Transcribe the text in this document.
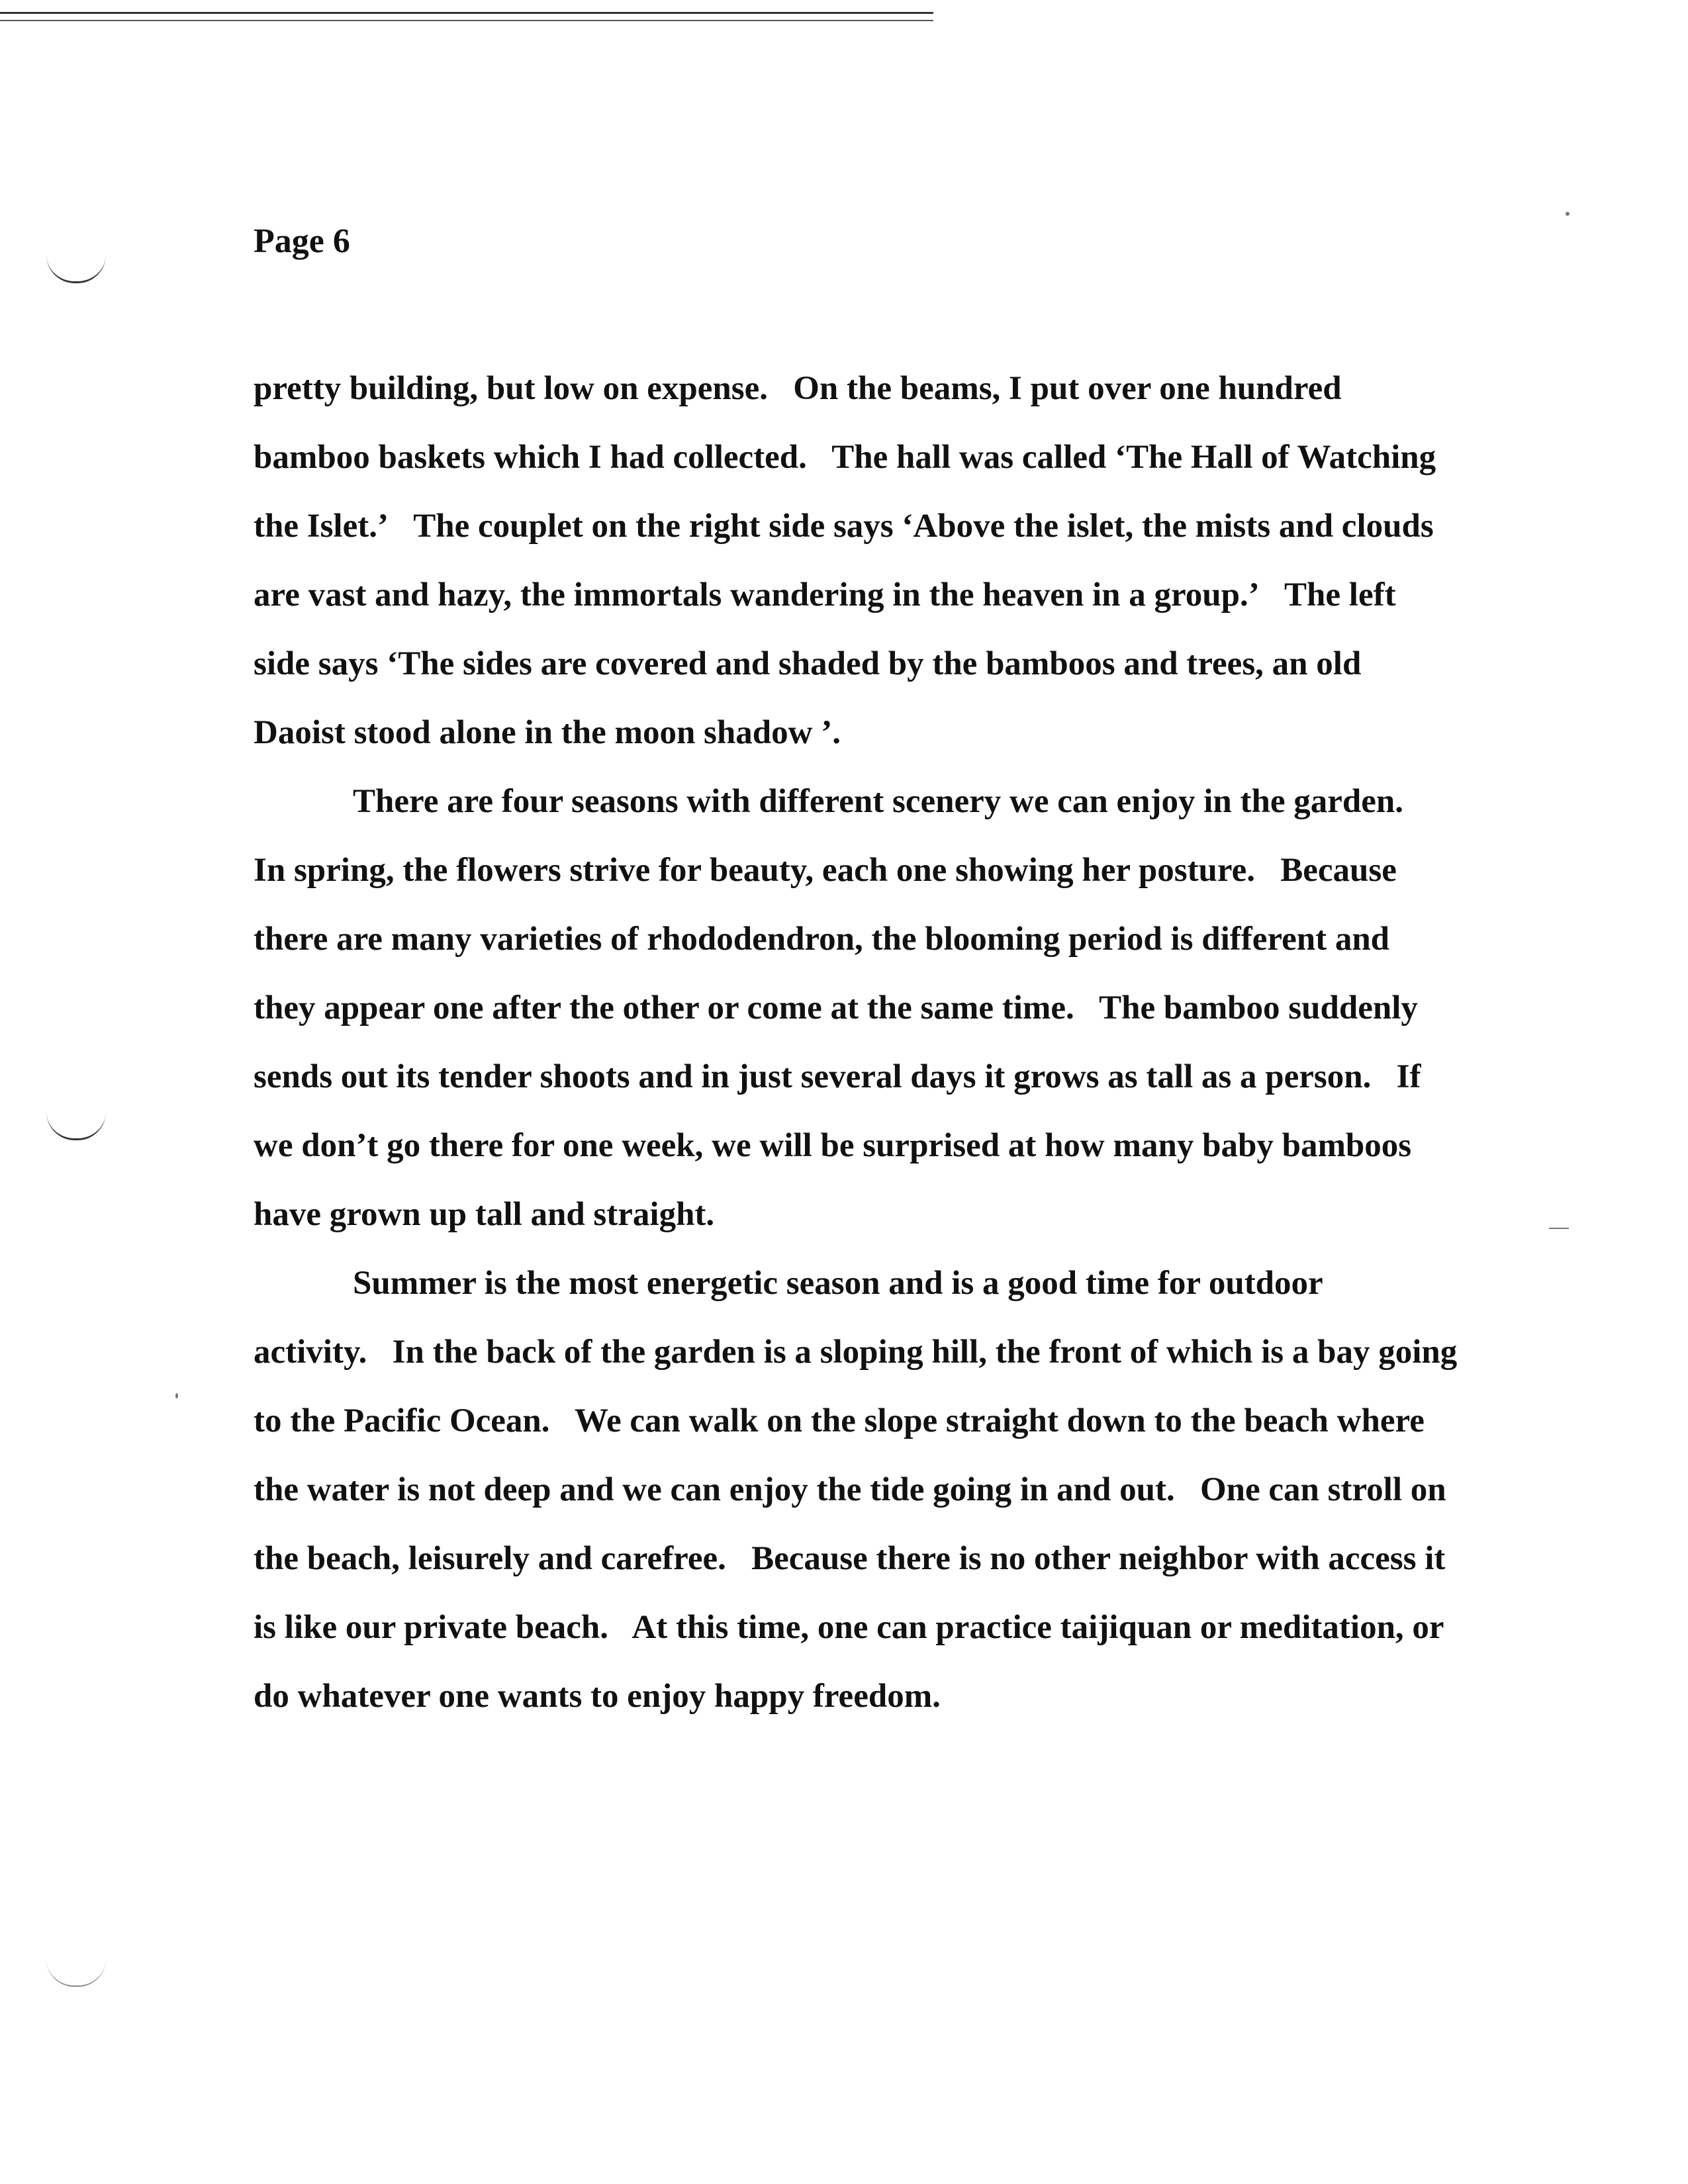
Page 6

pretty building, but low on expense.   On the beams, I put over one hundred bamboo baskets which I had collected.   The hall was called ‘The Hall of Watching the Islet.’   The couplet on the right side says ‘Above the islet, the mists and clouds are vast and hazy, the immortals wandering in the heaven in a group.’   The left side says ‘The sides are covered and shaded by the bamboos and trees, an old Daoist stood alone in the moon shadow ’.

There are four seasons with different scenery we can enjoy in the garden.   In spring, the flowers strive for beauty, each one showing her posture.   Because there are many varieties of rhododendron, the blooming period is different and they appear one after the other or come at the same time.   The bamboo suddenly sends out its tender shoots and in just several days it grows as tall as a person.   If we don’t go there for one week, we will be surprised at how many baby bamboos have grown up tall and straight.

Summer is the most energetic season and is a good time for outdoor activity.   In the back of the garden is a sloping hill, the front of which is a bay going to the Pacific Ocean.   We can walk on the slope straight down to the beach where the water is not deep and we can enjoy the tide going in and out.   One can stroll on the beach, leisurely and carefree.   Because there is no other neighbor with access it is like our private beach.   At this time, one can practice taijiquan or meditation, or do whatever one wants to enjoy happy freedom.
